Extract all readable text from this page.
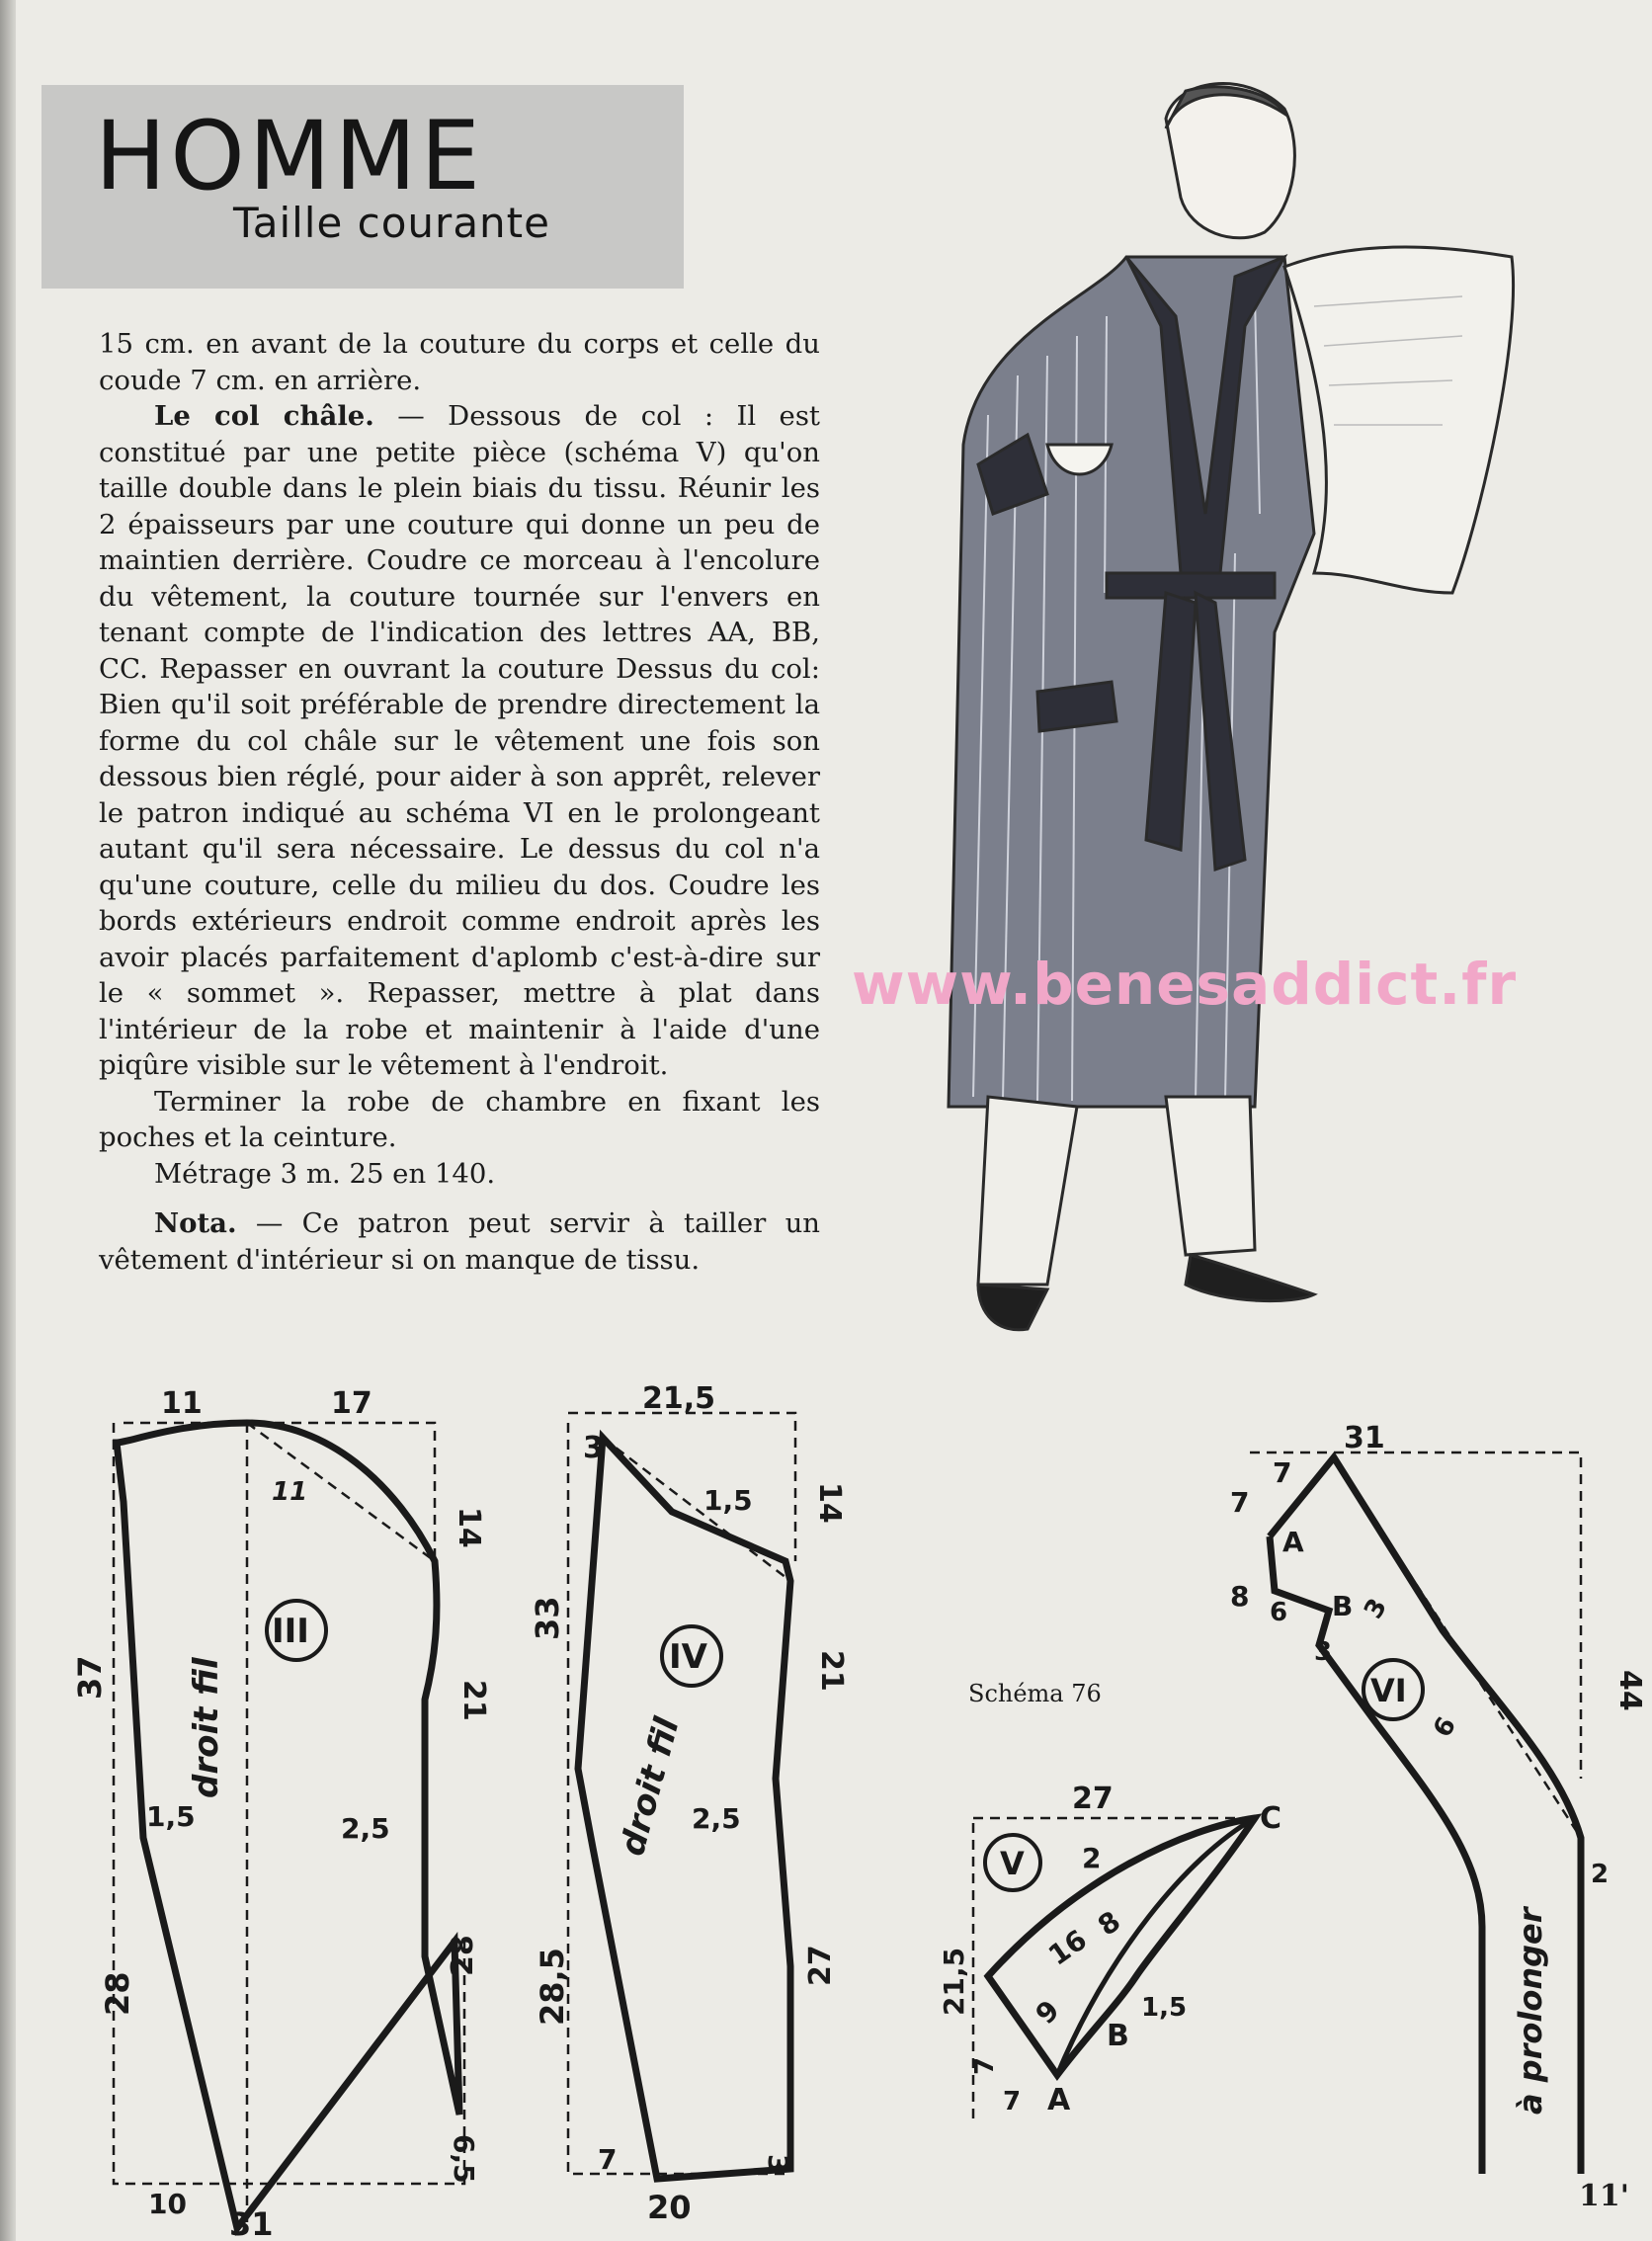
HOMME
Taille courante

15 cm. en avant de la couture du corps et celle du coude 7 cm. en arrière.

Le col châle. — Dessous de col : Il est constitué par une petite pièce (schéma V) qu'on taille double dans le plein biais du tissu. Réunir les 2 épaisseurs par une couture qui donne un peu de maintien derrière. Coudre ce morceau à l'encolure du vêtement, la couture tournée sur l'envers en tenant compte de l'indication des lettres AA, BB, CC. Repasser en ouvrant la couture Dessus du col: Bien qu'il soit préférable de prendre directement la forme du col châle sur le vêtement une fois son dessous bien réglé, pour aider à son apprêt, relever le patron indiqué au schéma VI en le prolongeant autant qu'il sera nécessaire. Le dessus du col n'a qu'une couture, celle du milieu du dos. Coudre les bords extérieurs endroit comme endroit après les avoir placés parfaitement d'aplomb c'est-à-dire sur le « sommet ». Repasser, mettre à plat dans l'intérieur de la robe et maintenir à l'aide d'une piqûre visible sur le vêtement à l'endroit.

Terminer la robe de chambre en fixant les poches et la ceinture.

Métrage 3 m. 25 en 140.

Nota. — Ce patron peut servir à tailler un vêtement d'intérieur si on manque de tissu.

www.benesaddict.fr
11	17
11
14
37
21
2,5
1,5
droit fil
28
28
10
6,5
31
III
21,5
3
1,5 14
33
21
2,5
droit fil
28,5	27
7
20
3
IV
27
C
2
16 8
9
B
1,5
A
21,5
7
7
V
31
7
7
A
8 6 B
3
3
6
44
2
à prolonger
VI
Schéma 76
11'
